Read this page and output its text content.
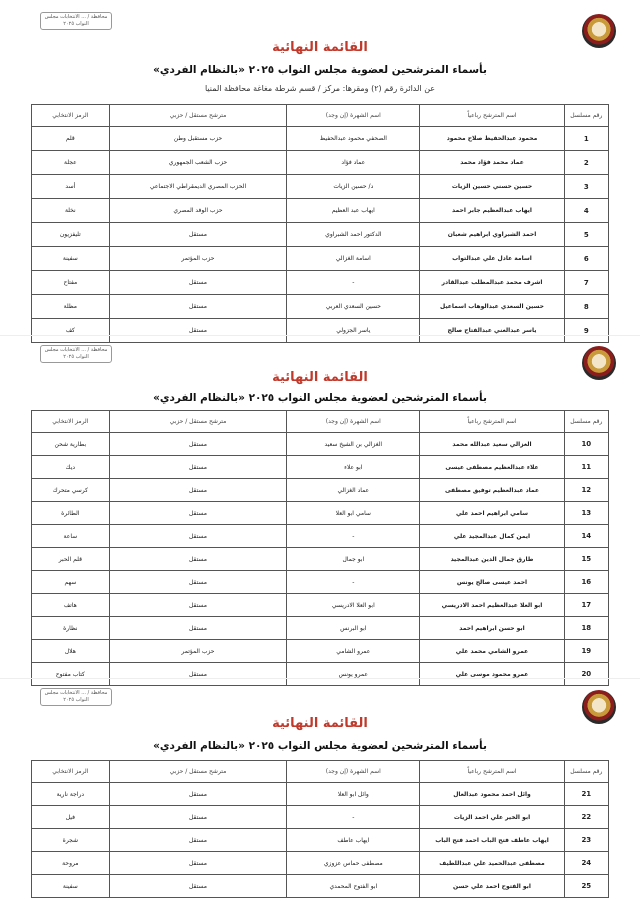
محافظة / ... الانتخابات مجلس النواب ٢٠٢٥
القائمة النهائية
بأسماء المترشحين لعضوية مجلس النواب ٢٠٢٥ «بالنظام الفردي»
عن الدائرة رقم (٢) ومقرها: مركز / قسم شرطة مغاغة محافظة المنيا
رقم مسلسل	اسم المترشح رباعياً	اسم الشهرة (إن وجد)	مترشح مستقل / حزبي	الرمز الانتخابي
1	محمود عبدالحفيظ صلاح محمود	الصحفي محمود عبدالحفيظ	حزب مستقبل وطن	قلم
2	عماد محمد فؤاد محمد	عماد فؤاد	حزب الشعب الجمهوري	عجلة
3	حسين حسني حسين الزيات	د/ حسين الزيات	الحزب المصري الديمقراطي الاجتماعي	أسد
4	ايهاب عبدالعظيم جابر احمد	ايهاب عبد العظيم	حزب الوفد المصري	نخلة
5	احمد الشبراوي ابراهيم شعبان	الدكتور احمد الشبراوي	مستقل	تليفزيون
6	اسامة عادل علي عبدالتواب	اسامة الغزالي	حزب المؤتمر	سفينة
7	اشرف محمد عبدالمطلب عبدالقادر	-	مستقل	مفتاح
8	حسين السعدي عبدالوهاب اسماعيل	حسين السعدي العربي	مستقل	مظلة
9	ياسر عبدالغني عبدالفتاح صالح	ياسر الجزولي	مستقل	كف
محافظة / ... الانتخابات مجلس النواب ٢٠٢٥
القائمة النهائية
بأسماء المترشحين لعضوية مجلس النواب ٢٠٢٥ «بالنظام الفردي»
رقم مسلسل	اسم المترشح رباعياً	اسم الشهرة (إن وجد)	مترشح مستقل / حزبي	الرمز الانتخابي
10	الغزالي سعيد عبدالله محمد	الغزالي بن الشيخ سعيد	مستقل	بطارية شحن
11	علاء عبدالعظيم مصطفى عيسى	ابو علاء	مستقل	ديك
12	عماد عبدالعظيم توفيق مصطفى	عماد الغزالي	مستقل	كرسي متحرك
13	سامي ابراهيم احمد علي	سامي ابو العلا	مستقل	الطائرة
14	ايمن كمال عبدالمجيد علي	-	مستقل	ساعة
15	طارق جمال الدين عبدالمجيد	ابو جمال	مستقل	قلم الحبر
16	احمد عيسى صالح يونس	-	مستقل	سهم
17	ابو العلا عبدالعظيم احمد الادريسي	ابو العلا الادريسي	مستقل	هاتف
18	ابو حسن ابراهيم احمد	ابو البرنس	مستقل	نظارة
19	عمرو الشامي محمد علي	عمرو الشامي	حزب المؤتمر	هلال
20	عمرو محمود موسى علي	عمرو يونس	مستقل	كتاب مفتوح
محافظة / ... الانتخابات مجلس النواب ٢٠٢٥
القائمة النهائية
بأسماء المترشحين لعضوية مجلس النواب ٢٠٢٥ «بالنظام الفردي»
رقم مسلسل	اسم المترشح رباعياً	اسم الشهرة (إن وجد)	مترشح مستقل / حزبي	الرمز الانتخابي
21	وائل احمد محمود عبدالعال	وائل ابو العلا	مستقل	دراجة نارية
22	ابو الخير علي احمد الزيات	-	مستقل	فيل
23	ايهاب عاطف فتح الباب احمد فتح الباب	ايهاب عاطف	مستقل	شجرة
24	مصطفى عبدالحميد علي عبداللطيف	مصطفى حماس عزوزي	مستقل	مروحة
25	ابو الفتوح احمد علي حسن	ابو الفتوح المحمدي	مستقل	سفينة
